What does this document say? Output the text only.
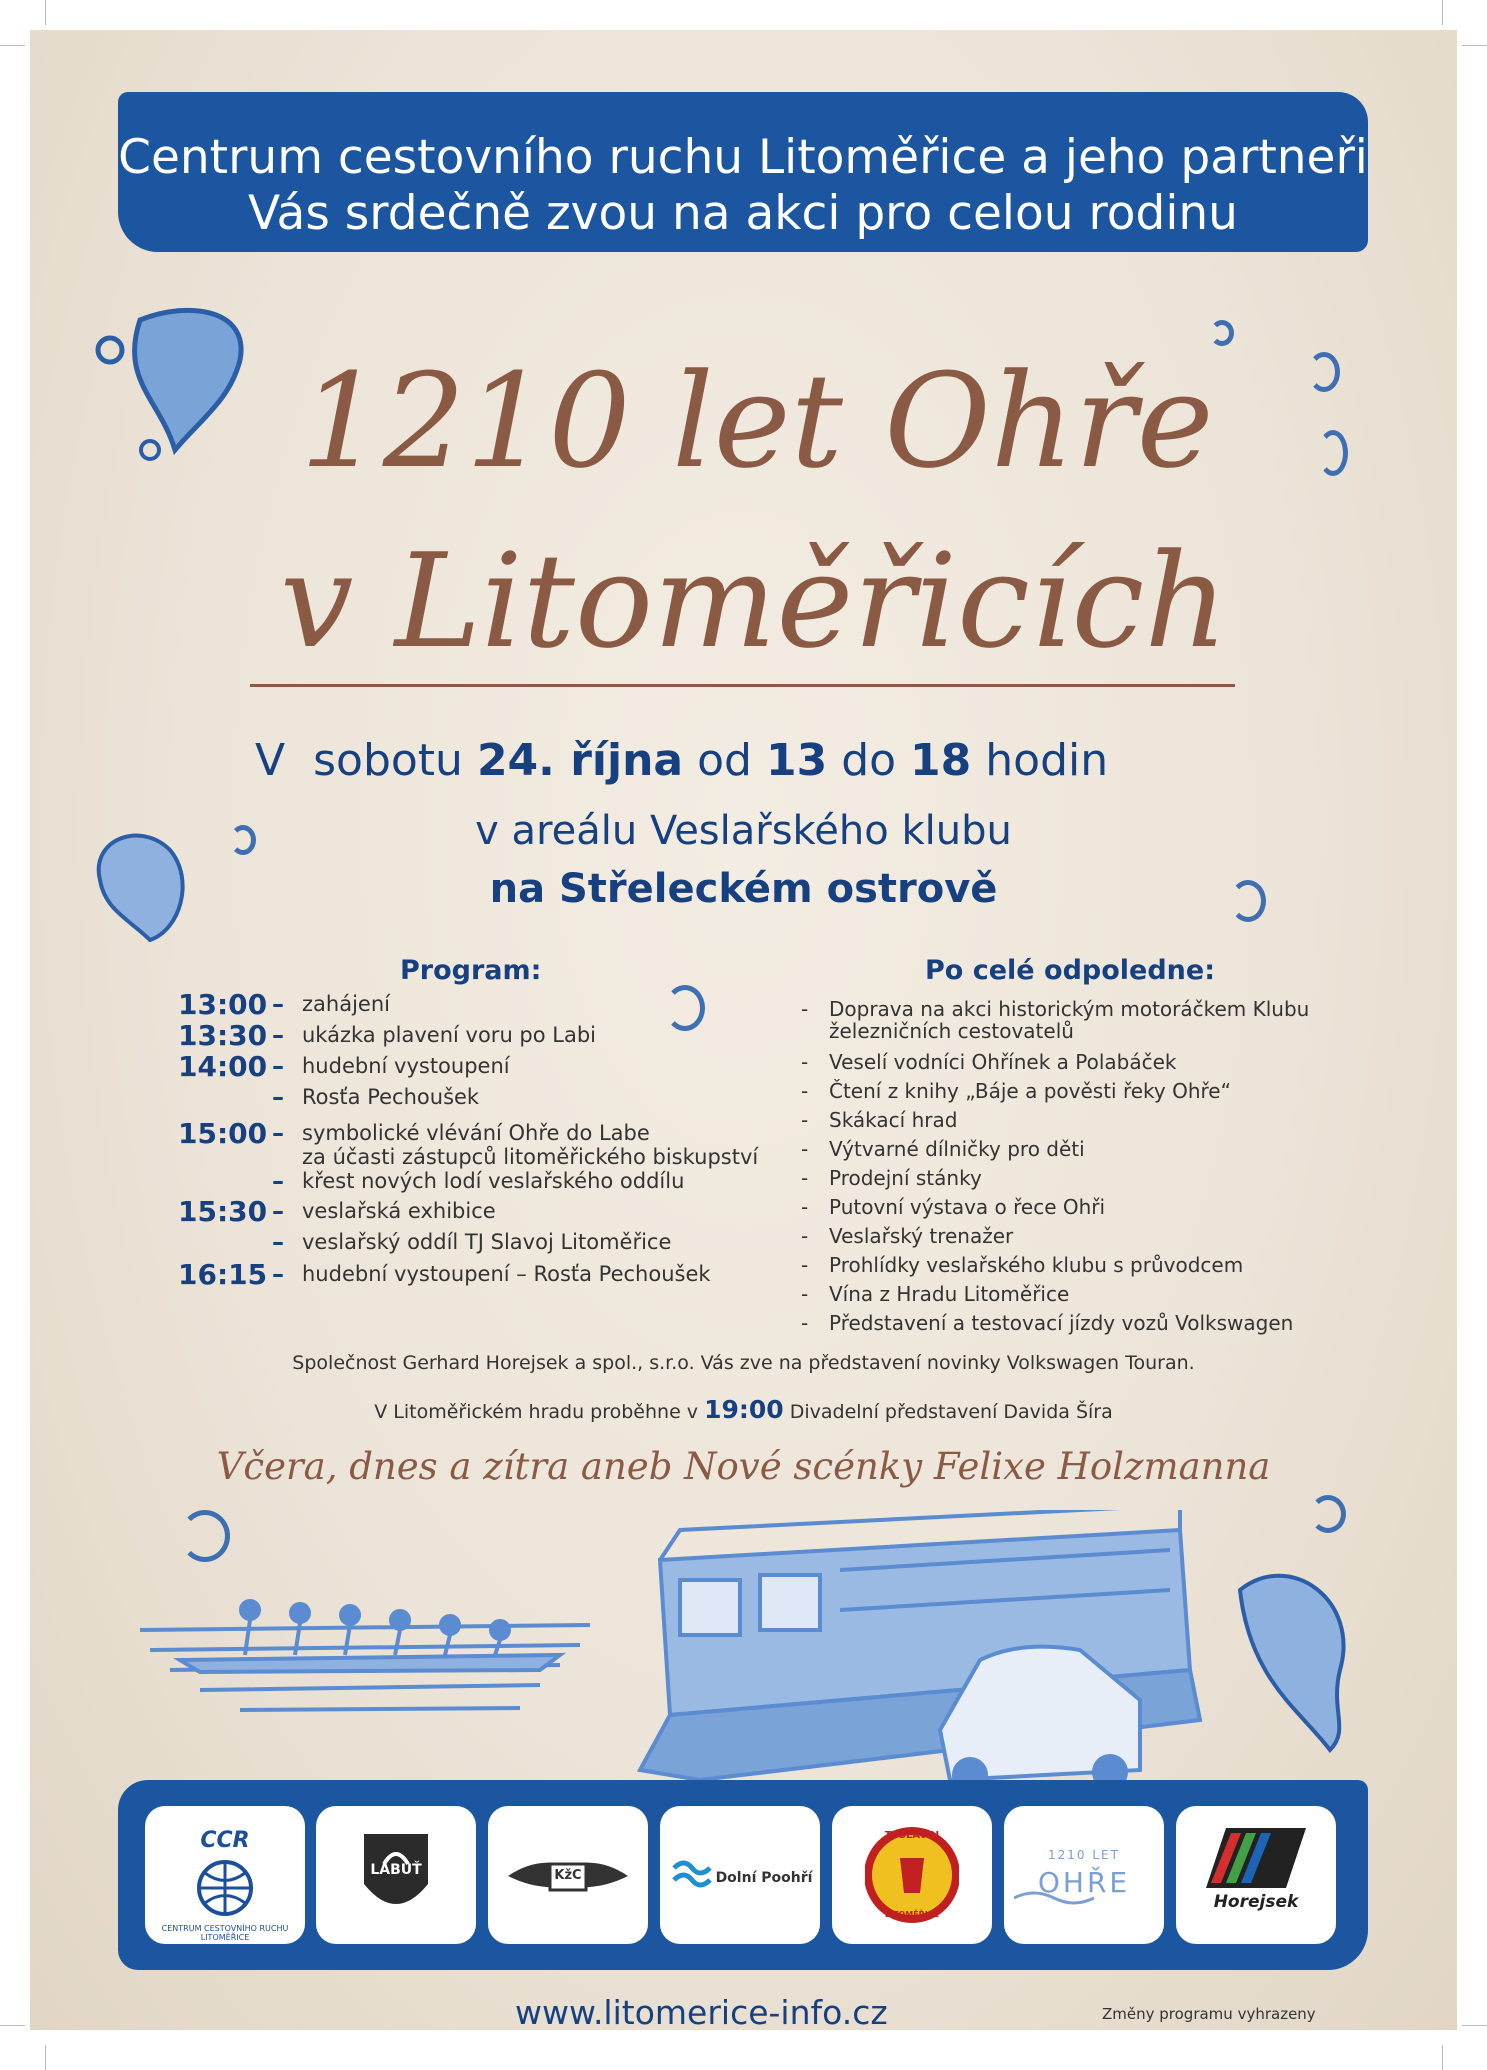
Centrum cestovního ruchu Litoměřice a jeho partneři
Vás srdečně zvou na akci pro celou rodinu
1210 let Ohře
v Litoměřicích
V sobotu 24. října od 13 do 18 hodin
v areálu Veslařského klubu
na Střeleckém ostrově
Program:
13:00 – zahájení
13:30 – ukázka plavení voru po Labi
14:00 – hudební vystoupení
– Rosťa Pechoušek
15:00 – symbolické vlévání Ohře do Labe
za účasti zástupců litoměřického biskupství
– křest nových lodí veslařského oddílu
15:30 – veslařská exhibice
– veslařský oddíl TJ Slavoj Litoměřice
16:15 – hudební vystoupení – Rosťa Pechoušek
Po celé odpoledne:
- Doprava na akci historickým motoráčkem Klubu
železničních cestovatelů
- Veselí vodníci Ohřínek a Polabáček
- Čtení z knihy „Báje a pověsti řeky Ohře“
- Skákací hrad
- Výtvarné dílničky pro děti
- Prodejní stánky
- Putovní výstava o řece Ohři
- Veslařský trenažer
- Prohlídky veslařského klubu s průvodcem
- Vína z Hradu Litoměřice
- Představení a testovací jízdy vozů Volkswagen
Společnost Gerhard Horejsek a spol., s.r.o. Vás zve na představení novinky Volkswagen Touran.
V Litoměřickém hradu proběhne v 19:00 Divadelní představení Davida Šíra
Včera, dnes a zítra aneb Nové scénky Felixe Holzmanna
CCR
CENTRUM CESTOVNÍHO RUCHU LITOMĚŘICE
LABUŤ	KžC	Dolní Poohří
TJ SLAVOJ
LITOMĚŘICE
1210 LET
OHŘE
Horejsek
www.litomerice-info.cz	Změny programu vyhrazeny
